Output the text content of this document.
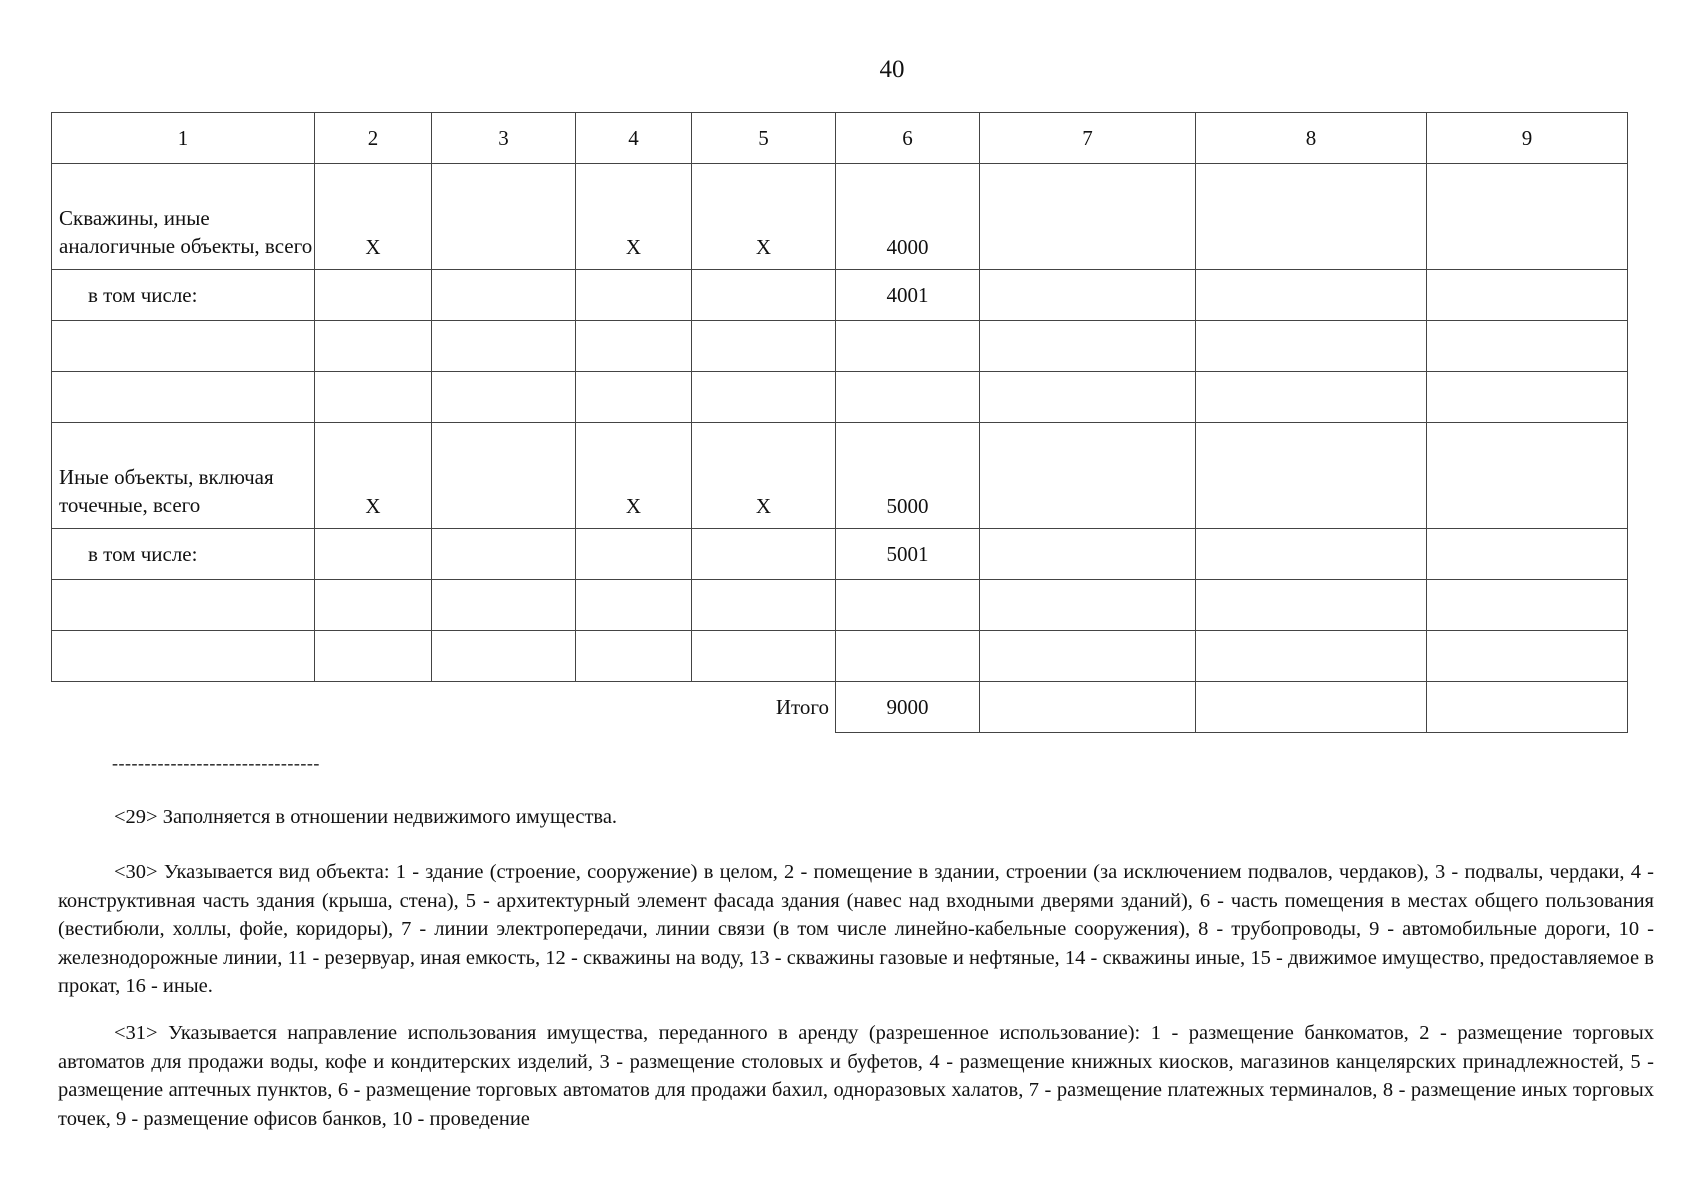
40
1	2	3	4	5	6	7	8	9
Скважины, иные аналогичные объекты, всего	X		X	X	4000			
в том числе:					4001			

Иные объекты, включая точечные, всего	X		X	X	5000			
в том числе:					5001			

				Итого	9000			
--------------------------------
<29> Заполняется в отношении недвижимого имущества.
<30> Указывается вид объекта: 1 - здание (строение, сооружение) в целом, 2 - помещение в здании, строении (за исключением подвалов, чердаков), 3 - подвалы, чердаки, 4 - конструктивная часть здания (крыша, стена), 5 - архитектурный элемент фасада здания (навес над входными дверями зданий), 6 - часть помещения в местах общего пользования (вестибюли, холлы, фойе, коридоры), 7 - линии электропередачи, линии связи (в том числе линейно-кабельные сооружения), 8 - трубопроводы, 9 - автомобильные дороги, 10 - железнодорожные линии, 11 - резервуар, иная емкость, 12 - скважины на воду, 13 - скважины газовые и нефтяные, 14 - скважины иные, 15 - движимое имущество, предоставляемое в прокат, 16 - иные.
<31> Указывается направление использования имущества, переданного в аренду (разрешенное использование): 1 - размещение банкоматов, 2 - размещение торговых автоматов для продажи воды, кофе и кондитерских изделий, 3 - размещение столовых и буфетов, 4 - размещение книжных киосков, магазинов канцелярских принадлежностей, 5 - размещение аптечных пунктов, 6 - размещение торговых автоматов для продажи бахил, одноразовых халатов, 7 - размещение платежных терминалов, 8 - размещение иных торговых точек, 9 - размещение офисов банков, 10 - проведение
